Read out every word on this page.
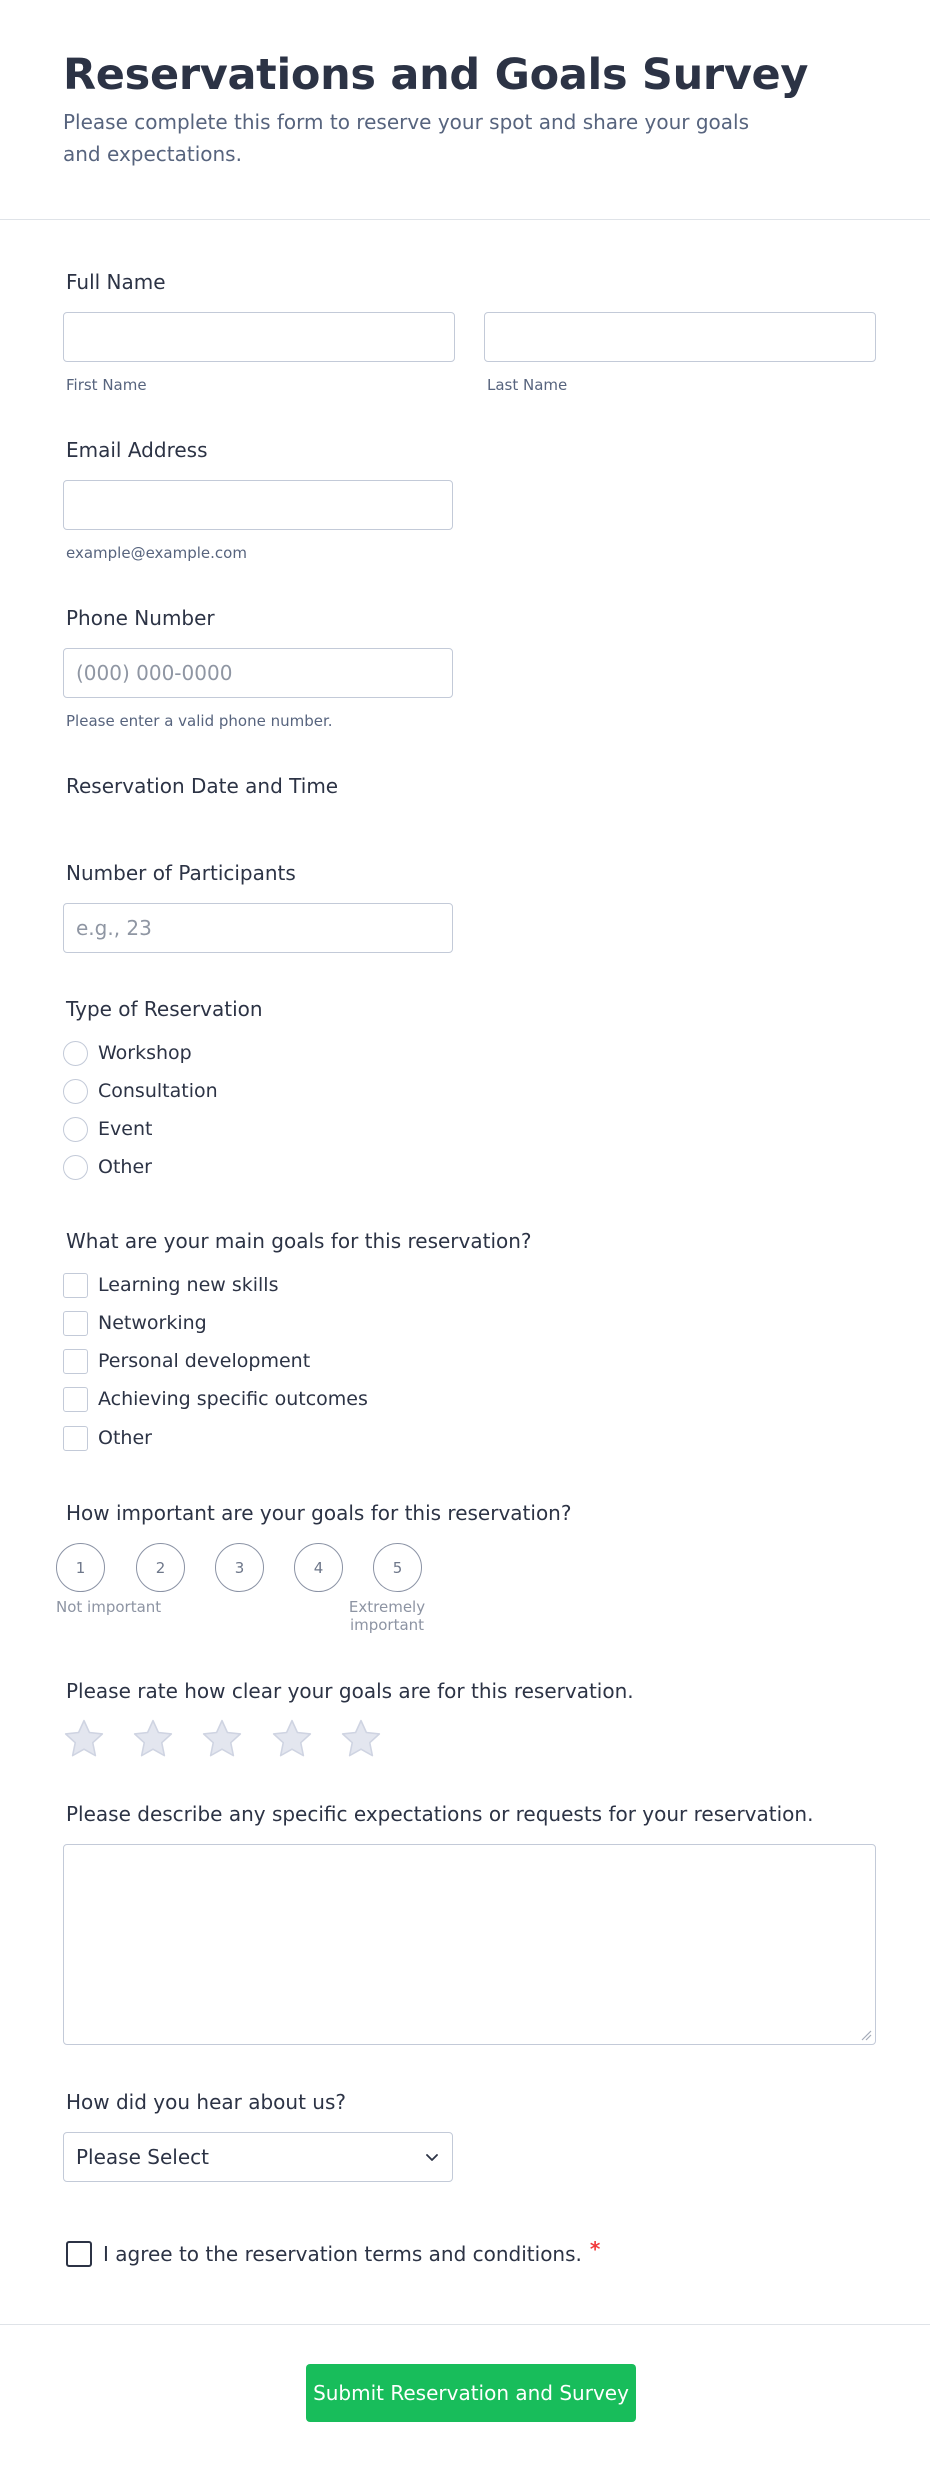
Reservations and Goals Survey

Please complete this form to reserve your spot and share your goals and expectations.

Full Name
First Name	Last Name
Email Address
example@example.com
Phone Number
(000) 000-0000
Please enter a valid phone number.
Reservation Date and Time
Number of Participants
e.g., 23
Type of Reservation
Workshop
Consultation
Event
Other
What are your main goals for this reservation?
Learning new skills
Networking
Personal development
Achieving specific outcomes
Other
How important are your goals for this reservation?
1	2	3	4	5
Not important	Extremely
important
Please rate how clear your goals are for this reservation.
Please describe any specific expectations or requests for your reservation.
How did you hear about us?
Please Select
I agree to the reservation terms and conditions. *
Submit Reservation and Survey
